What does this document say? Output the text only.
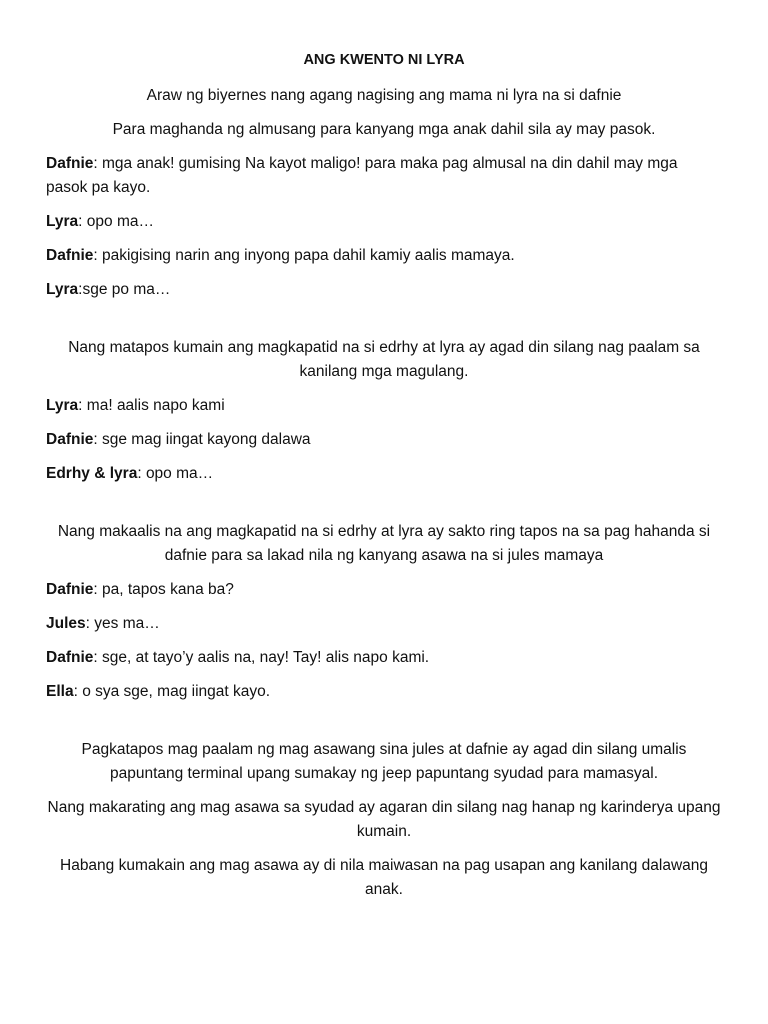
ANG KWENTO NI LYRA

Araw ng biyernes nang agang nagising ang mama ni lyra na si dafnie

Para maghanda ng almusang para kanyang mga anak dahil sila ay may pasok.

Dafnie: mga anak! gumising Na kayot maligo! para maka pag almusal na din dahil may mga pasok pa kayo.

Lyra: opo ma…

Dafnie: pakigising narin ang inyong papa dahil kamiy aalis mamaya.

Lyra:sge po ma…

Nang matapos kumain ang magkapatid na si edrhy at lyra ay agad din silang nag paalam sa kanilang mga magulang.

Lyra: ma! aalis napo kami

Dafnie: sge mag iingat kayong dalawa

Edrhy & lyra: opo ma…

Nang makaalis na ang magkapatid na si edrhy at lyra ay sakto ring tapos na sa pag hahanda si dafnie para sa lakad nila ng kanyang asawa na si jules mamaya

Dafnie: pa, tapos kana ba?

Jules: yes ma…

Dafnie: sge, at tayo’y aalis na, nay! Tay! alis napo kami.

Ella: o sya sge, mag iingat kayo.

Pagkatapos mag paalam ng mag asawang sina jules at dafnie ay agad din silang umalis papuntang terminal upang sumakay ng jeep papuntang syudad para mamasyal.

Nang makarating ang mag asawa sa syudad ay agaran din silang nag hanap ng karinderya upang kumain.

Habang kumakain ang mag asawa ay di nila maiwasan na pag usapan ang kanilang dalawang anak.
